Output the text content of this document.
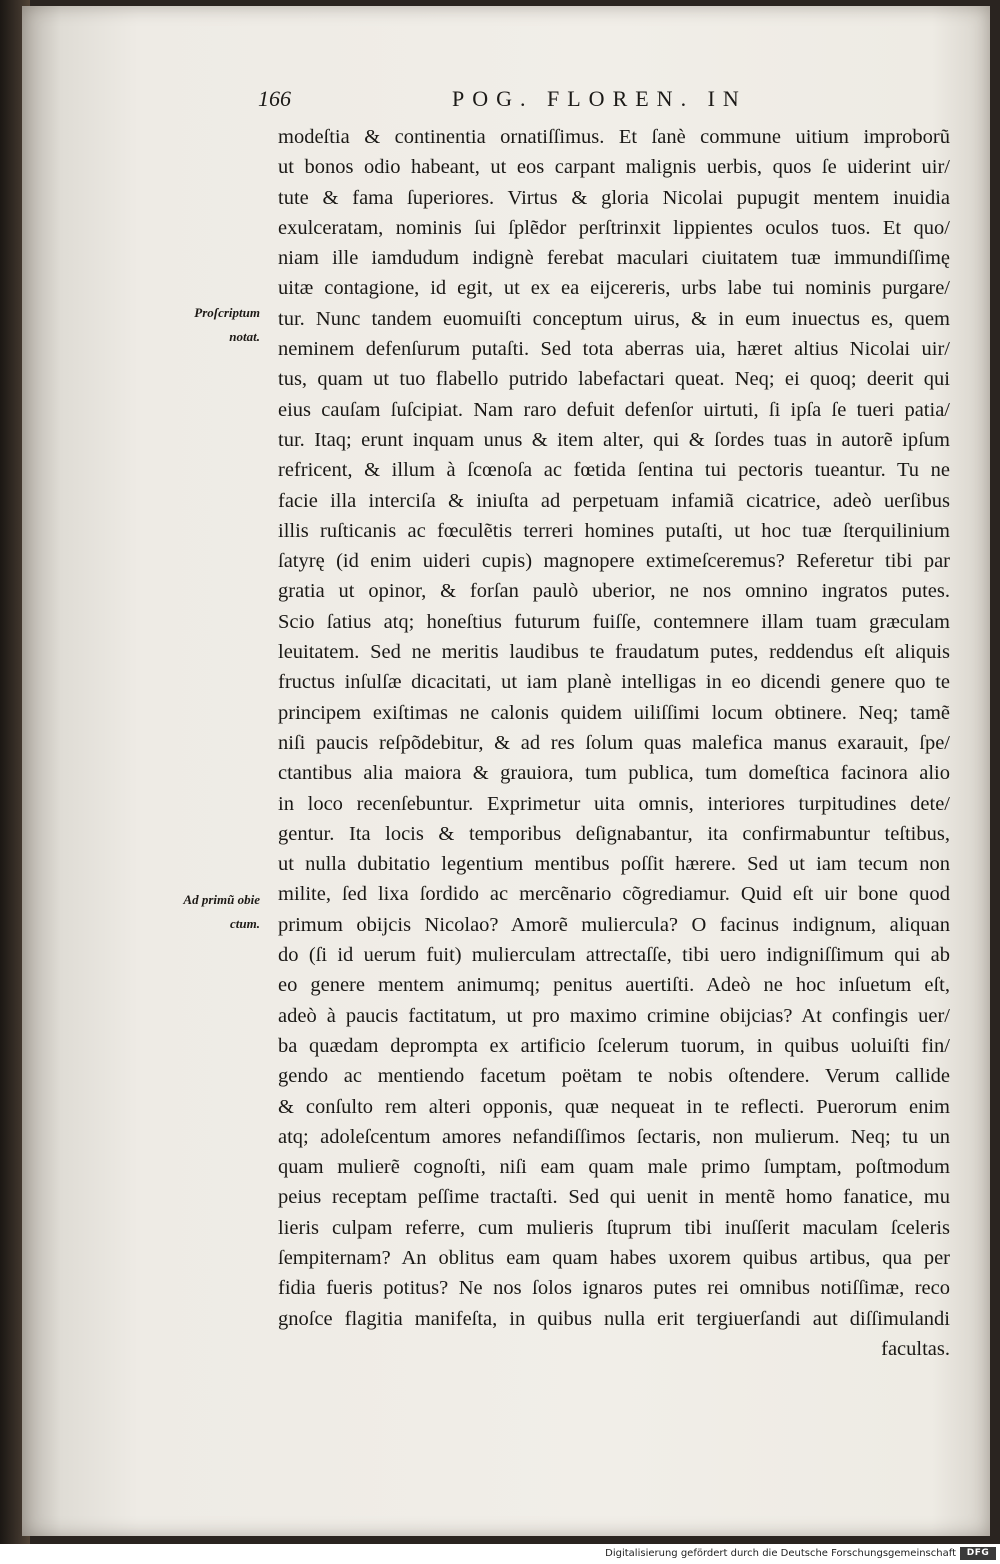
166	POG. FLOREN. IN
Proſcriptum
notat.
Ad primũ obie
ctum.
modeſtia & continentia ornatiſſimus. Et ſanè commune uitium improborũ
ut bonos odio habeant, ut eos carpant malignis uerbis, quos ſe uiderint uir/
tute & fama ſuperiores. Virtus & gloria Nicolai pupugit mentem inuidia
exulceratam, nominis ſui ſplẽdor perſtrinxit lippientes oculos tuos. Et quo/
niam ille iamdudum indignè ferebat maculari ciuitatem tuæ immundiſſimę
uitæ contagione, id egit, ut ex ea eijcereris, urbs labe tui nominis purgare/
tur. Nunc tandem euomuiſti conceptum uirus, & in eum inuectus es, quem
neminem defenſurum putaſti. Sed tota aberras uia, hæret altius Nicolai uir/
tus, quam ut tuo flabello putrido labefactari queat. Neq; ei quoq; deerit qui
eius cauſam ſuſcipiat. Nam raro defuit defenſor uirtuti, ſi ipſa ſe tueri patia/
tur. Itaq; erunt inquam unus & item alter, qui & ſordes tuas in autorẽ ipſum
refricent, & illum à ſcœnoſa ac fœtida ſentina tui pectoris tueantur. Tu ne
facie illa interciſa & iniuſta ad perpetuam infamiã cicatrice, adeò uerſibus
illis ruſticanis ac fœculẽtis terreri homines putaſti, ut hoc tuæ ſterquilinium
ſatyrę (id enim uideri cupis) magnopere extimeſceremus? Referetur tibi par
gratia ut opinor, & forſan paulò uberior, ne nos omnino ingratos putes.
Scio ſatius atq; honeſtius futurum fuiſſe, contemnere illam tuam græculam
leuitatem. Sed ne meritis laudibus te fraudatum putes, reddendus eſt aliquis
fructus inſulſæ dicacitati, ut iam planè intelligas in eo dicendi genere quo te
principem exiſtimas ne calonis quidem uiliſſimi locum obtinere. Neq; tamẽ
niſi paucis reſpõdebitur, & ad res ſolum quas malefica manus exarauit, ſpe/
ctantibus alia maiora & grauiora, tum publica, tum domeſtica facinora alio
in loco recenſebuntur. Exprimetur uita omnis, interiores turpitudines dete/
gentur. Ita locis & temporibus deſignabantur, ita confirmabuntur teſtibus,
ut nulla dubitatio legentium mentibus poſſit hærere. Sed ut iam tecum non
milite, ſed lixa ſordido ac mercẽnario cõgrediamur. Quid eſt uir bone quod
primum obijcis Nicolao? Amorẽ muliercula? O facinus indignum, aliquan
do (ſi id uerum fuit) mulierculam attrectaſſe, tibi uero indigniſſimum qui ab
eo genere mentem animumq; penitus auertiſti. Adeò ne hoc inſuetum eſt,
adeò à paucis factitatum, ut pro maximo crimine obijcias? At confingis uer/
ba quædam deprompta ex artificio ſcelerum tuorum, in quibus uoluiſti fin/
gendo ac mentiendo facetum poëtam te nobis oſtendere. Verum callide
& conſulto rem alteri opponis, quæ nequeat in te reflecti. Puerorum enim
atq; adoleſcentum amores nefandiſſimos ſectaris, non mulierum. Neq; tu un
quam mulierẽ cognoſti, niſi eam quam male primo ſumptam, poſtmodum
peius receptam peſſime tractaſti. Sed qui uenit in mentẽ homo fanatice, mu
lieris culpam referre, cum mulieris ſtuprum tibi inuſſerit maculam ſceleris
ſempiternam? An oblitus eam quam habes uxorem quibus artibus, qua per
fidia fueris potitus? Ne nos ſolos ignaros putes rei omnibus notiſſimæ, reco
gnoſce flagitia manifeſta, in quibus nulla erit tergiuerſandi aut diſſimulandi
facultas.
Digitalisierung gefördert durch die Deutsche Forschungsgemeinschaft	DFG
